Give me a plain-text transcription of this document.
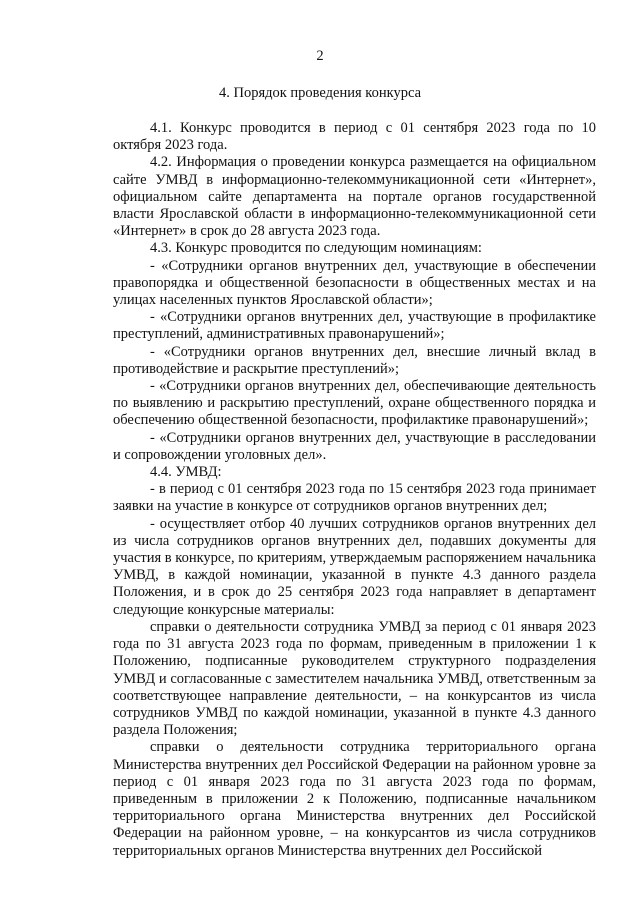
2
4. Порядок проведения конкурса

4.1. Конкурс проводится в период с 01 сентября 2023 года по 10 октября 2023 года.

4.2. Информация о проведении конкурса размещается на официальном сайте УМВД в информационно-телекоммуникационной сети «Интернет», официальном сайте департамента на портале органов государственной власти Ярославской области в информационно-телекоммуникационной сети «Интернет» в срок до 28 августа 2023 года.

4.3. Конкурс проводится по следующим номинациям:

- «Сотрудники органов внутренних дел, участвующие в обеспечении правопорядка и общественной безопасности в общественных местах и на улицах населенных пунктов Ярославской области»;

- «Сотрудники органов внутренних дел, участвующие в профилактике преступлений, административных правонарушений»;

- «Сотрудники органов внутренних дел, внесшие личный вклад в противодействие и раскрытие преступлений»;

- «Сотрудники органов внутренних дел, обеспечивающие деятельность по выявлению и раскрытию преступлений, охране общественного порядка и обеспечению общественной безопасности, профилактике правонарушений»;

- «Сотрудники органов внутренних дел, участвующие в расследовании и сопровождении уголовных дел».

4.4. УМВД:

- в период с 01 сентября 2023 года по 15 сентября 2023 года принимает заявки на участие в конкурсе от сотрудников органов внутренних дел;

- осуществляет отбор 40 лучших сотрудников органов внутренних дел из числа сотрудников органов внутренних дел, подавших документы для участия в конкурсе, по критериям, утверждаемым распоряжением начальника УМВД, в каждой номинации, указанной в пункте 4.3 данного раздела Положения, и в срок до 25 сентября 2023 года направляет в департамент следующие конкурсные материалы:

справки о деятельности сотрудника УМВД за период с 01 января 2023 года по 31 августа 2023 года по формам, приведенным в приложении 1 к Положению, подписанные руководителем структурного подразделения УМВД и согласованные с заместителем начальника УМВД, ответственным за соответствующее направление деятельности, – на конкурсантов из числа сотрудников УМВД по каждой номинации, указанной в пункте 4.3 данного раздела Положения;

справки о деятельности сотрудника территориального органа Министерства внутренних дел Российской Федерации на районном уровне за период с 01 января 2023 года по 31 августа 2023 года по формам, приведенным в приложении 2 к Положению, подписанные начальником территориального органа Министерства внутренних дел Российской Федерации на районном уровне, – на конкурсантов из числа сотрудников территориальных органов Министерства внутренних дел Российской
